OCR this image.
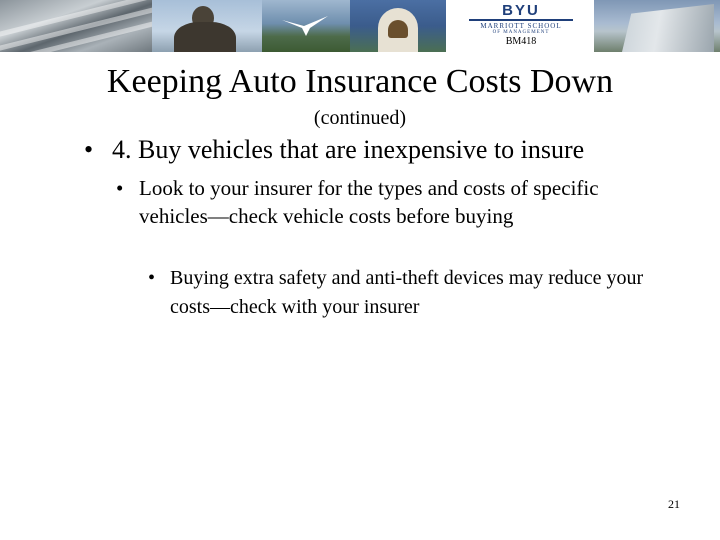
BYU
MARRIOTT SCHOOL
OF MANAGEMENT
BM418
Keeping Auto Insurance Costs Down
(continued)
• 4. Buy vehicles that are inexpensive to insure
• Look to your insurer for the types and costs of specific vehicles—check vehicle costs before buying
• Buying extra safety and anti-theft devices may reduce your costs—check with your insurer
21
